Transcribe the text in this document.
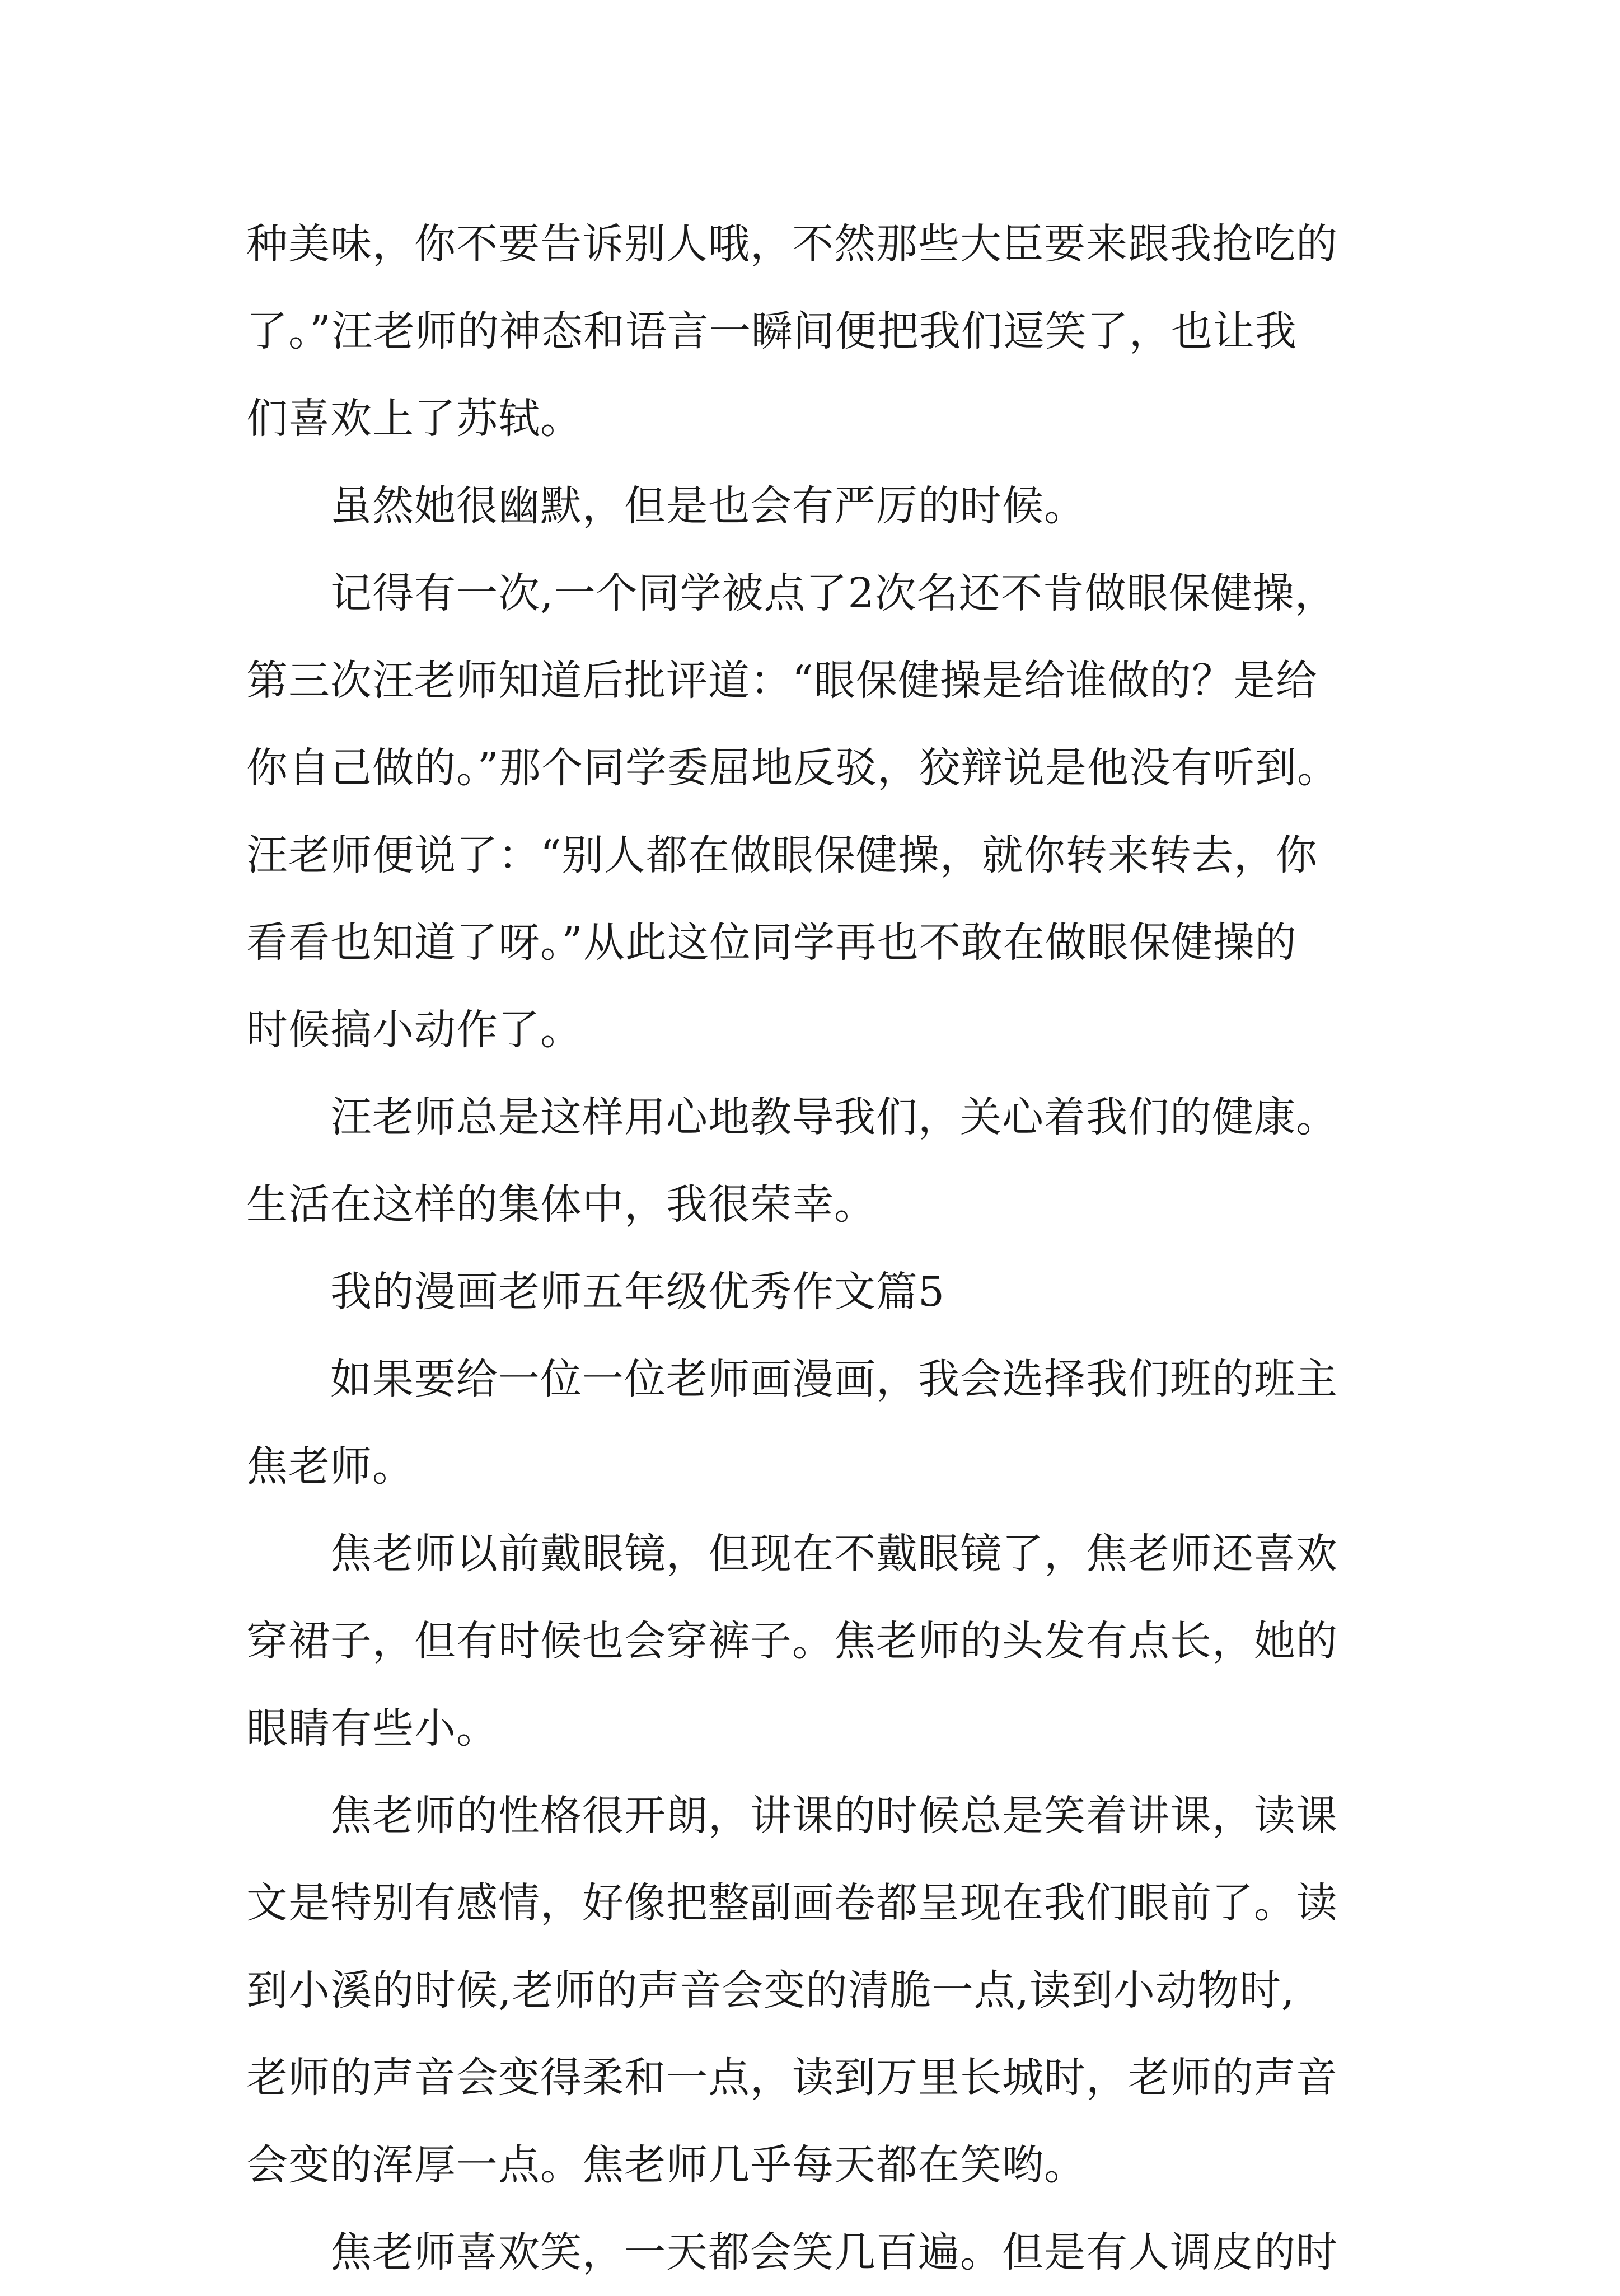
种美味，你不要告诉别人哦，不然那些大臣要来跟我抢吃的
了。”汪老师的神态和语言一瞬间便把我们逗笑了，也让我
们喜欢上了苏轼。
虽然她很幽默，但是也会有严厉的时候。
记得有一次,一个同学被点了2次名还不肯做眼保健操，
第三次汪老师知道后批评道：“眼保健操是给谁做的？是给
你自己做的。”那个同学委屈地反驳，狡辩说是他没有听到。
汪老师便说了：“别人都在做眼保健操，就你转来转去，你
看看也知道了呀。”从此这位同学再也不敢在做眼保健操的
时候搞小动作了。
汪老师总是这样用心地教导我们，关心着我们的健康。
生活在这样的集体中，我很荣幸。
我的漫画老师五年级优秀作文篇5
如果要给一位一位老师画漫画，我会选择我们班的班主
焦老师。
焦老师以前戴眼镜，但现在不戴眼镜了，焦老师还喜欢
穿裙子，但有时候也会穿裤子。焦老师的头发有点长，她的
眼睛有些小。
焦老师的性格很开朗，讲课的时候总是笑着讲课，读课
文是特别有感情，好像把整副画卷都呈现在我们眼前了。读
到小溪的时候,老师的声音会变的清脆一点,读到小动物时,
老师的声音会变得柔和一点，读到万里长城时，老师的声音
会变的浑厚一点。焦老师几乎每天都在笑哟。
焦老师喜欢笑，一天都会笑几百遍。但是有人调皮的时
